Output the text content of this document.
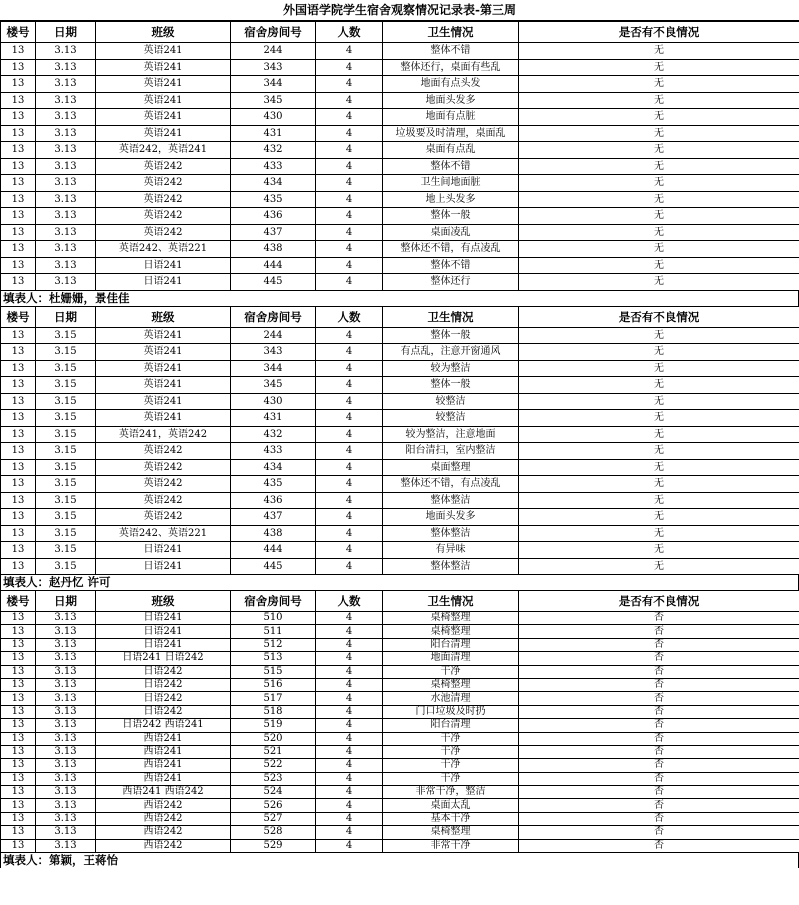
外国语学院学生宿舍观察情况记录表-第三周
楼号	日期	班级	宿舍房间号	人数	卫生情况	是否有不良情况
13	3.13	英语241	244	4	整体不错	无
13	3.13	英语241	343	4	整体还行，桌面有些乱	无
13	3.13	英语241	344	4	地面有点头发	无
13	3.13	英语241	345	4	地面头发多	无
13	3.13	英语241	430	4	地面有点脏	无
13	3.13	英语241	431	4	垃圾要及时清理，桌面乱	无
13	3.13	英语242，英语241	432	4	桌面有点乱	无
13	3.13	英语242	433	4	整体不错	无
13	3.13	英语242	434	4	卫生间地面脏	无
13	3.13	英语242	435	4	地上头发多	无
13	3.13	英语242	436	4	整体一般	无
13	3.13	英语242	437	4	桌面凌乱	无
13	3.13	英语242、英语221	438	4	整体还不错，有点凌乱	无
13	3.13	日语241	444	4	整体不错	无
13	3.13	日语241	445	4	整体还行	无
填表人：杜姗姗，景佳佳
楼号	日期	班级	宿舍房间号	人数	卫生情况	是否有不良情况
13	3.15	英语241	244	4	整体一般	无
13	3.15	英语241	343	4	有点乱，注意开窗通风	无
13	3.15	英语241	344	4	较为整洁	无
13	3.15	英语241	345	4	整体一般	无
13	3.15	英语241	430	4	较整洁	无
13	3.15	英语241	431	4	较整洁	无
13	3.15	英语241，英语242	432	4	较为整洁，注意地面	无
13	3.15	英语242	433	4	阳台清扫，室内整洁	无
13	3.15	英语242	434	4	桌面整理	无
13	3.15	英语242	435	4	整体还不错，有点凌乱	无
13	3.15	英语242	436	4	整体整洁	无
13	3.15	英语242	437	4	地面头发多	无
13	3.15	英语242、英语221	438	4	整体整洁	无
13	3.15	日语241	444	4	有异味	无
13	3.15	日语241	445	4	整体整洁	无
填表人：赵丹忆 许可
楼号	日期	班级	宿舍房间号	人数	卫生情况	是否有不良情况
13	3.13	日语241	510	4	桌椅整理	否
13	3.13	日语241	511	4	桌椅整理	否
13	3.13	日语241	512	4	阳台清理	否
13	3.13	日语241 日语242	513	4	地面清理	否
13	3.13	日语242	515	4	干净	否
13	3.13	日语242	516	4	桌椅整理	否
13	3.13	日语242	517	4	水池清理	否
13	3.13	日语242	518	4	门口垃圾及时扔	否
13	3.13	日语242 西语241	519	4	阳台清理	否
13	3.13	西语241	520	4	干净	否
13	3.13	西语241	521	4	干净	否
13	3.13	西语241	522	4	干净	否
13	3.13	西语241	523	4	干净	否
13	3.13	西语241 西语242	524	4	非常干净，整洁	否
13	3.13	西语242	526	4	桌面太乱	否
13	3.13	西语242	527	4	基本干净	否
13	3.13	西语242	528	4	桌椅整理	否
13	3.13	西语242	529	4	非常干净	否
填表人：第颖，王蒋怡
